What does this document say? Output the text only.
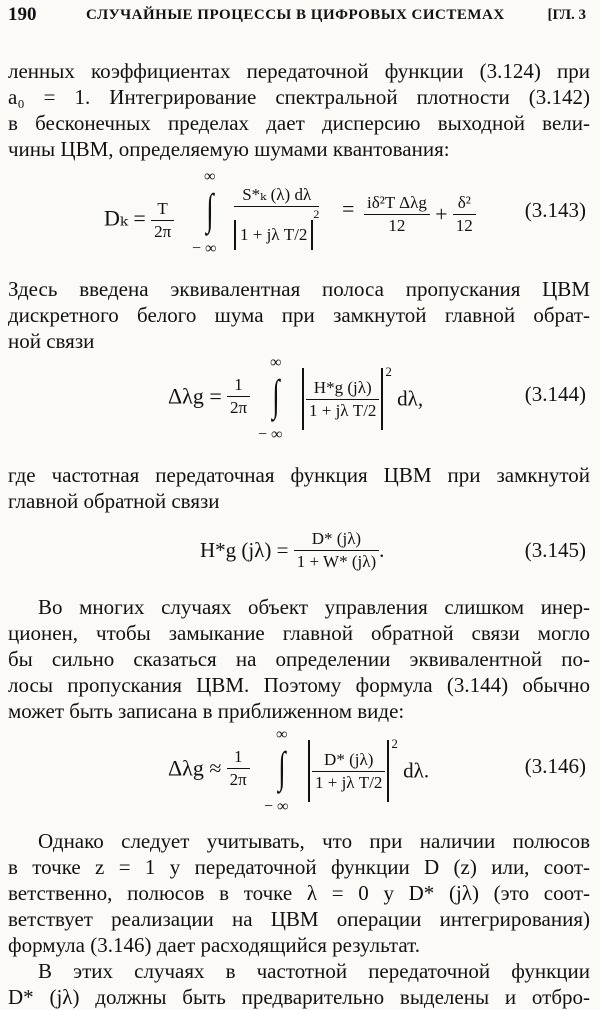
190	СЛУЧАЙНЫЕ ПРОЦЕССЫ В ЦИФРОВЫХ СИСТЕМАХ	[ГЛ. 3
ленных коэффициентах передаточной функции (3.124) при
a₀ = 1. Интегрирование спектральной плотности (3.142)
в бесконечных пределах дает дисперсию выходной вели-
чины ЦВМ, определяемую шумами квантования:
$D_k = \frac{T}{2\pi}$
∞
∫
− ∞
S*ₖ (λ) dλ
1 + jλ $T/2^2 = \frac{\text{iδ²T Δλg}}{12} + \frac{\text{δ²}}{12} (3.143)$
Здесь введена эквивалентная полоса пропускания ЦВМ
дискретного белого шума при замкнутой главной обрат-
ной связи
$\Delta\lambda g = \frac{1}{2\pi}$
∞
∫
− ∞
$\frac{H*g (j\lambda)}{\text{1 + jλ T/2}}$
$^2$ dλ,	(3.144)
где частотная передаточная функция ЦВМ при замкнутой
главной обратной связи
H*g $(j\lambda) = \frac{D* (j\lambda)}{1 + W* (j\lambda)}$ .	(3.145)
Во многих случаях объект управления слишком инер-
ционен, чтобы замыкание главной обратной связи могло
бы сильно сказаться на определении эквивалентной по-
лосы пропускания ЦВМ. Поэтому формула (3.144) обычно
может быть записана в приближенном виде:
$\Delta\lambda g \approx \frac{1}{2\pi}$
∞
∫
− ∞
$\frac{D* (j\lambda)}{\text{1 + jλ T/2}}$
$^2$ dλ.	(3.146)
Однако следует учитывать, что при наличии полюсов
в точке z = 1 у передаточной функции D (z) или, соот-
ветственно, полюсов в точке λ = 0 у D* (jλ) (это соот-
ветствует реализации на ЦВМ операции интегрирования)
формула (3.146) дает расходящийся результат.
В этих случаях в частотной передаточной функции
D* (jλ) должны быть предварительно выделены и отбро-
